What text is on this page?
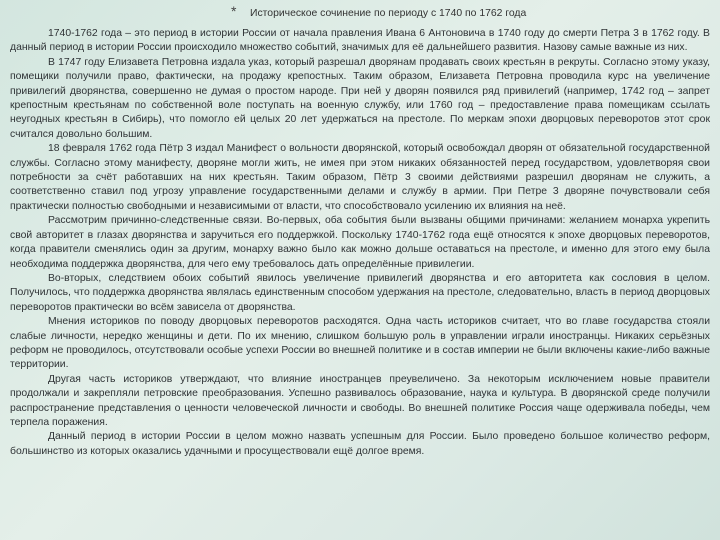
* Историческое сочинение по периоду с 1740 по 1762 года

1740-1762 года – это период в истории России от начала правления Ивана 6 Антоновича в 1740 году до смерти Петра 3 в 1762 году. В данный период в истории России происходило множество событий, значимых для её дальнейшего развития. Назову самые важные из них.

В 1747 году Елизавета Петровна издала указ, который разрешал дворянам продавать своих крестьян в рекруты. Согласно этому указу, помещики получили право, фактически, на продажу крепостных. Таким образом, Елизавета Петровна проводила курс на увеличение привилегий дворянства, совершенно не думая о простом народе. При ней у дворян появился ряд привилегий (например, 1742 год – запрет крепостным крестьянам по собственной воле поступать на военную службу, или 1760 год – предоставление права помещикам ссылать неугодных крестьян в Сибирь), что помогло ей целых 20 лет удержаться на престоле. По меркам эпохи дворцовых переворотов этот срок считался довольно большим.

18 февраля 1762 года Пётр 3 издал Манифест о вольности дворянской, который освобождал дворян от обязательной государственной службы. Согласно этому манифесту, дворяне могли жить, не имея при этом никаких обязанностей перед государством, удовлетворяя свои потребности за счёт работавших на них крестьян. Таким образом, Пётр 3 своими действиями разрешил дворянам не служить, а соответственно ставил под угрозу управление государственными делами и службу в армии. При Петре 3 дворяне почувствовали себя практически полностью свободными и независимыми от власти, что способствовало усилению их влияния на неё.

Рассмотрим причинно-следственные связи. Во-первых, оба события были вызваны общими причинами: желанием монарха укрепить свой авторитет в глазах дворянства и заручиться его поддержкой. Поскольку 1740-1762 года ещё относятся к эпохе дворцовых переворотов, когда правители сменялись один за другим, монарху важно было как можно дольше оставаться на престоле, и именно для этого ему была необходима поддержка дворянства, для чего ему требовалось дать определённые привилегии.

Во-вторых, следствием обоих событий явилось увеличение привилегий дворянства и его авторитета как сословия в целом. Получилось, что поддержка дворянства являлась единственным способом удержания на престоле, следовательно, власть в период дворцовых переворотов практически во всём зависела от дворянства.

Мнения историков по поводу дворцовых переворотов расходятся. Одна часть историков считает, что во главе государства стояли слабые личности, нередко женщины и дети. По их мнению, слишком большую роль в управлении играли иностранцы. Никаких серьёзных реформ не проводилось, отсутствовали особые успехи России во внешней политике и в состав империи не были включены какие-либо важные территории.

Другая часть историков утверждают, что влияние иностранцев преувеличено. За некоторым исключением новые правители продолжали и закрепляли петровские преобразования. Успешно развивалось образование, наука и культура. В дворянской среде получили распространение представления о ценности человеческой личности и свободы. Во внешней политике Россия чаще одерживала победы, чем терпела поражения.

Данный период в истории России в целом можно назвать успешным для России. Было проведено большое количество реформ, большинство из которых оказались удачными и просуществовали ещё долгое время.
